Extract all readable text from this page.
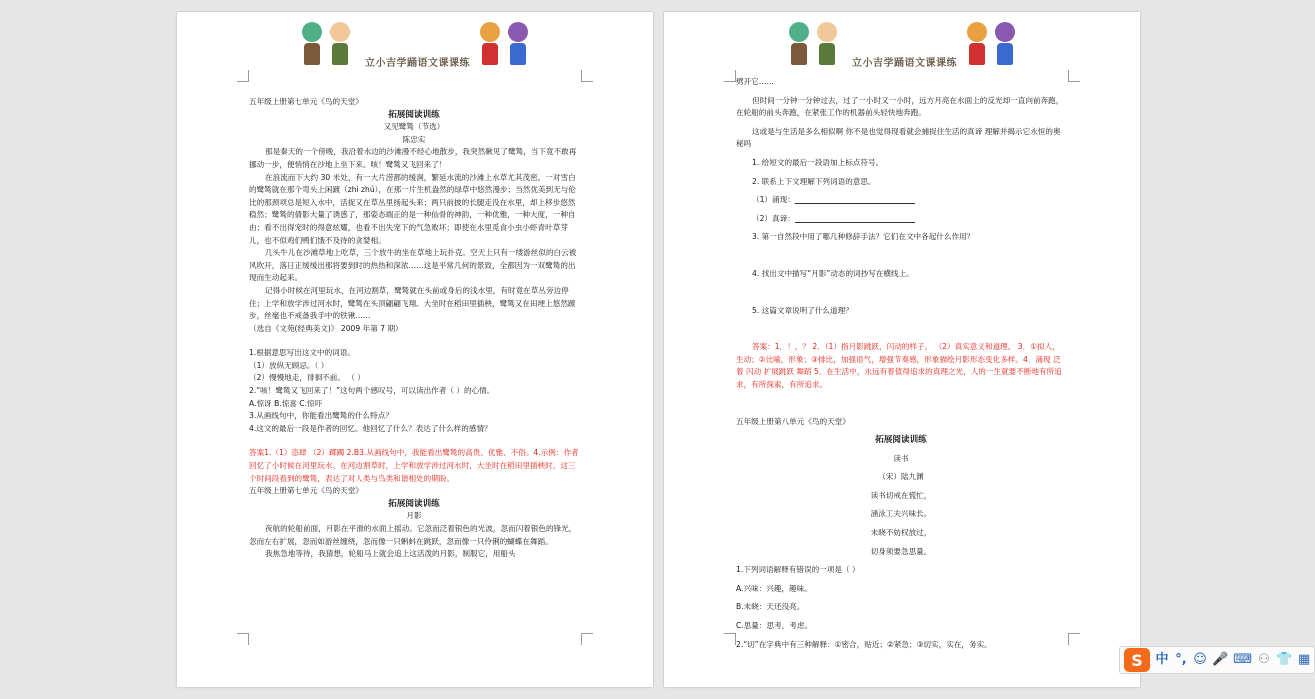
立小吉学踊语文课课练

五年级上册第七单元《鸟的天堂》

拓展阅读训练

又见鹭鸶（节选）

陈忠实

那是秦天的一个傍晚，我沿着水边的沙滩漫不经心地散步，我突然瞅见了鹭鸶，当下竟不敢再挪动一步，便悄悄在沙地上坐下来。咳！鹭鸶又飞回来了！

在浪流而下大约 30 米处，有一大片涝都的缓涧，繁延水流的沙滩上水草尤其茂密。一对雪白的鹭鸶就在那个弯头上闲踱（zhì zhú），在那一片生机盎然的绿草中悠然漫步；当然优美到无与伦比的那颈项总是短入水中，活捉又在草丛里扬起头来；两只前披的长腿走没在水里，却上移步悠然稳然；鹭鸶的倩影大量了诱惑了，那姿态端正的是一种仙骨的神韵，一种优雅，一种大度，一种自由；看不出得宠时的得意炫耀，也看不出失宠下的气急败坏；即使在水里觅食小虫小虾青叶草芽儿，也不似鸡们鸭们饿不及待的贪婪相。

几头牛儿在沙滩草地上吃草，三个放牛的坐在草地上玩扑克。空天上只有一缕游丝似的白云被风吹开，落日正缓缓出那将要到时的热热和深浓……这是平常几何的景致，全都因为一双鹭鸶的出现而生动起来。

记得小时候在河里玩水，在河边割草，鹭鸶就在头前或身后的浅水里，有时竟在草丛旁边停住；上学和放学涉过河水时，鹭鸶在头顶翩翩飞翔。大坐时在稻田里插秧，鹭鸶又在田埂上悠然踱步，丝毫也不戒备我手中的铁锹……

（选自《文苑(经典美文)》 2009 年第 7 期）

1.根据意思写出这文中的词语。

（1）放纵无顾忌。（ ）

（2）慢慢地走，徘徊不前。 （ ）

2.“咳！鹭鸶又飞回来了！”这句两个感叹号，可以读出作者（ ）的心情。

A.惊讶 B.惊喜 C.惊吓

3.从画线句中，你能看出鹭鸶的什么特点？

4.这文的最后一段是作者的回忆。他回忆了什么？表达了什么样的感情？

答案1.（1）恣肆 （2）踯躅 2.B3.从画线句中，我能看出鹭鸶的高贵、优雅、不俗。4.示例：作者回忆了小时候在河里玩水、在河边割草时，上学和放学涉过河水时，大坐时在稻田里插秧时，这三个时间段看到的鹭鸶，表达了对人类与鸟类和谐相处的期盼。

五年级上册第七单元《鸟的天堂》

拓展阅读训练

月影

夜航的轮船前面，月影在平滑的水面上摇动。它忽而泛着银色的光波，忽而闪着银色的锋光，忽而左右扩展，忽而如游丝缠绕，忽而像一只蝌蚪在跳跃，忽而像一只伶俐的蝴蝶在舞蹈。

我焦急地等待，我猜想，轮船马上就会追上这活泼的月影，制服它，用船头

立小吉学踊语文课课练

劈开它……

但时间一分钟一分钟过去，过了一小时又一小时，远方月亮在水面上的反光却一直向前奔跑，在轮船的前头奔跑，在紧张工作的机器前头轻快地奔跑。

这或是与生活是多么相似啊 你不是也觉得现看就会捕捉住生活的真谛 理解并揭示它永恒的奥秘吗

1. 给短文的最后一段语加上标点符号。

2. 联系上下文理解下列词语的意思。

（1）涌现：

（2）真谛：

3. 第一自然段中用了哪几种修辞手法？它们在文中各起什么作用？

4. 找出文中描写“月影”动态的词抄写在横线上。

5. 这篇文章说明了什么道理？

答案：1．！，？ 2．（1）指月影跳跃、闪动的样子。 （2）真实意义和道理。 3．①拟人，生动；②比喻，形象；③排比，加强语气，增强节奏感，形象描绘月影形态变化多样。4．涌现 泛着 闪动 扩展跳跃 舞蹈 5．在生活中，永远有着值得追求的真理之光，人的一生就要不断地有所追求，有所探索，有所追求。

五年级上册第八单元《鸟的天堂》

拓展阅读训练

读书

（宋）陆九渊

读书切戒在慌忙，

涵泳工夫兴味长。

未晓不妨权放过，

切身须要急思量。

1.下列词语解释有错误的一项是（ ）

A.兴味：兴趣，趣味。

B.未晓：天还没亮。

C.思量：思考，考虑。

2.“切”在字典中有三种解释：①密合，贴近；②紧急；③切实，实在，务实。

S 中 °, ☺ 🎤 ⌨ ⚇ 👕 ▦
